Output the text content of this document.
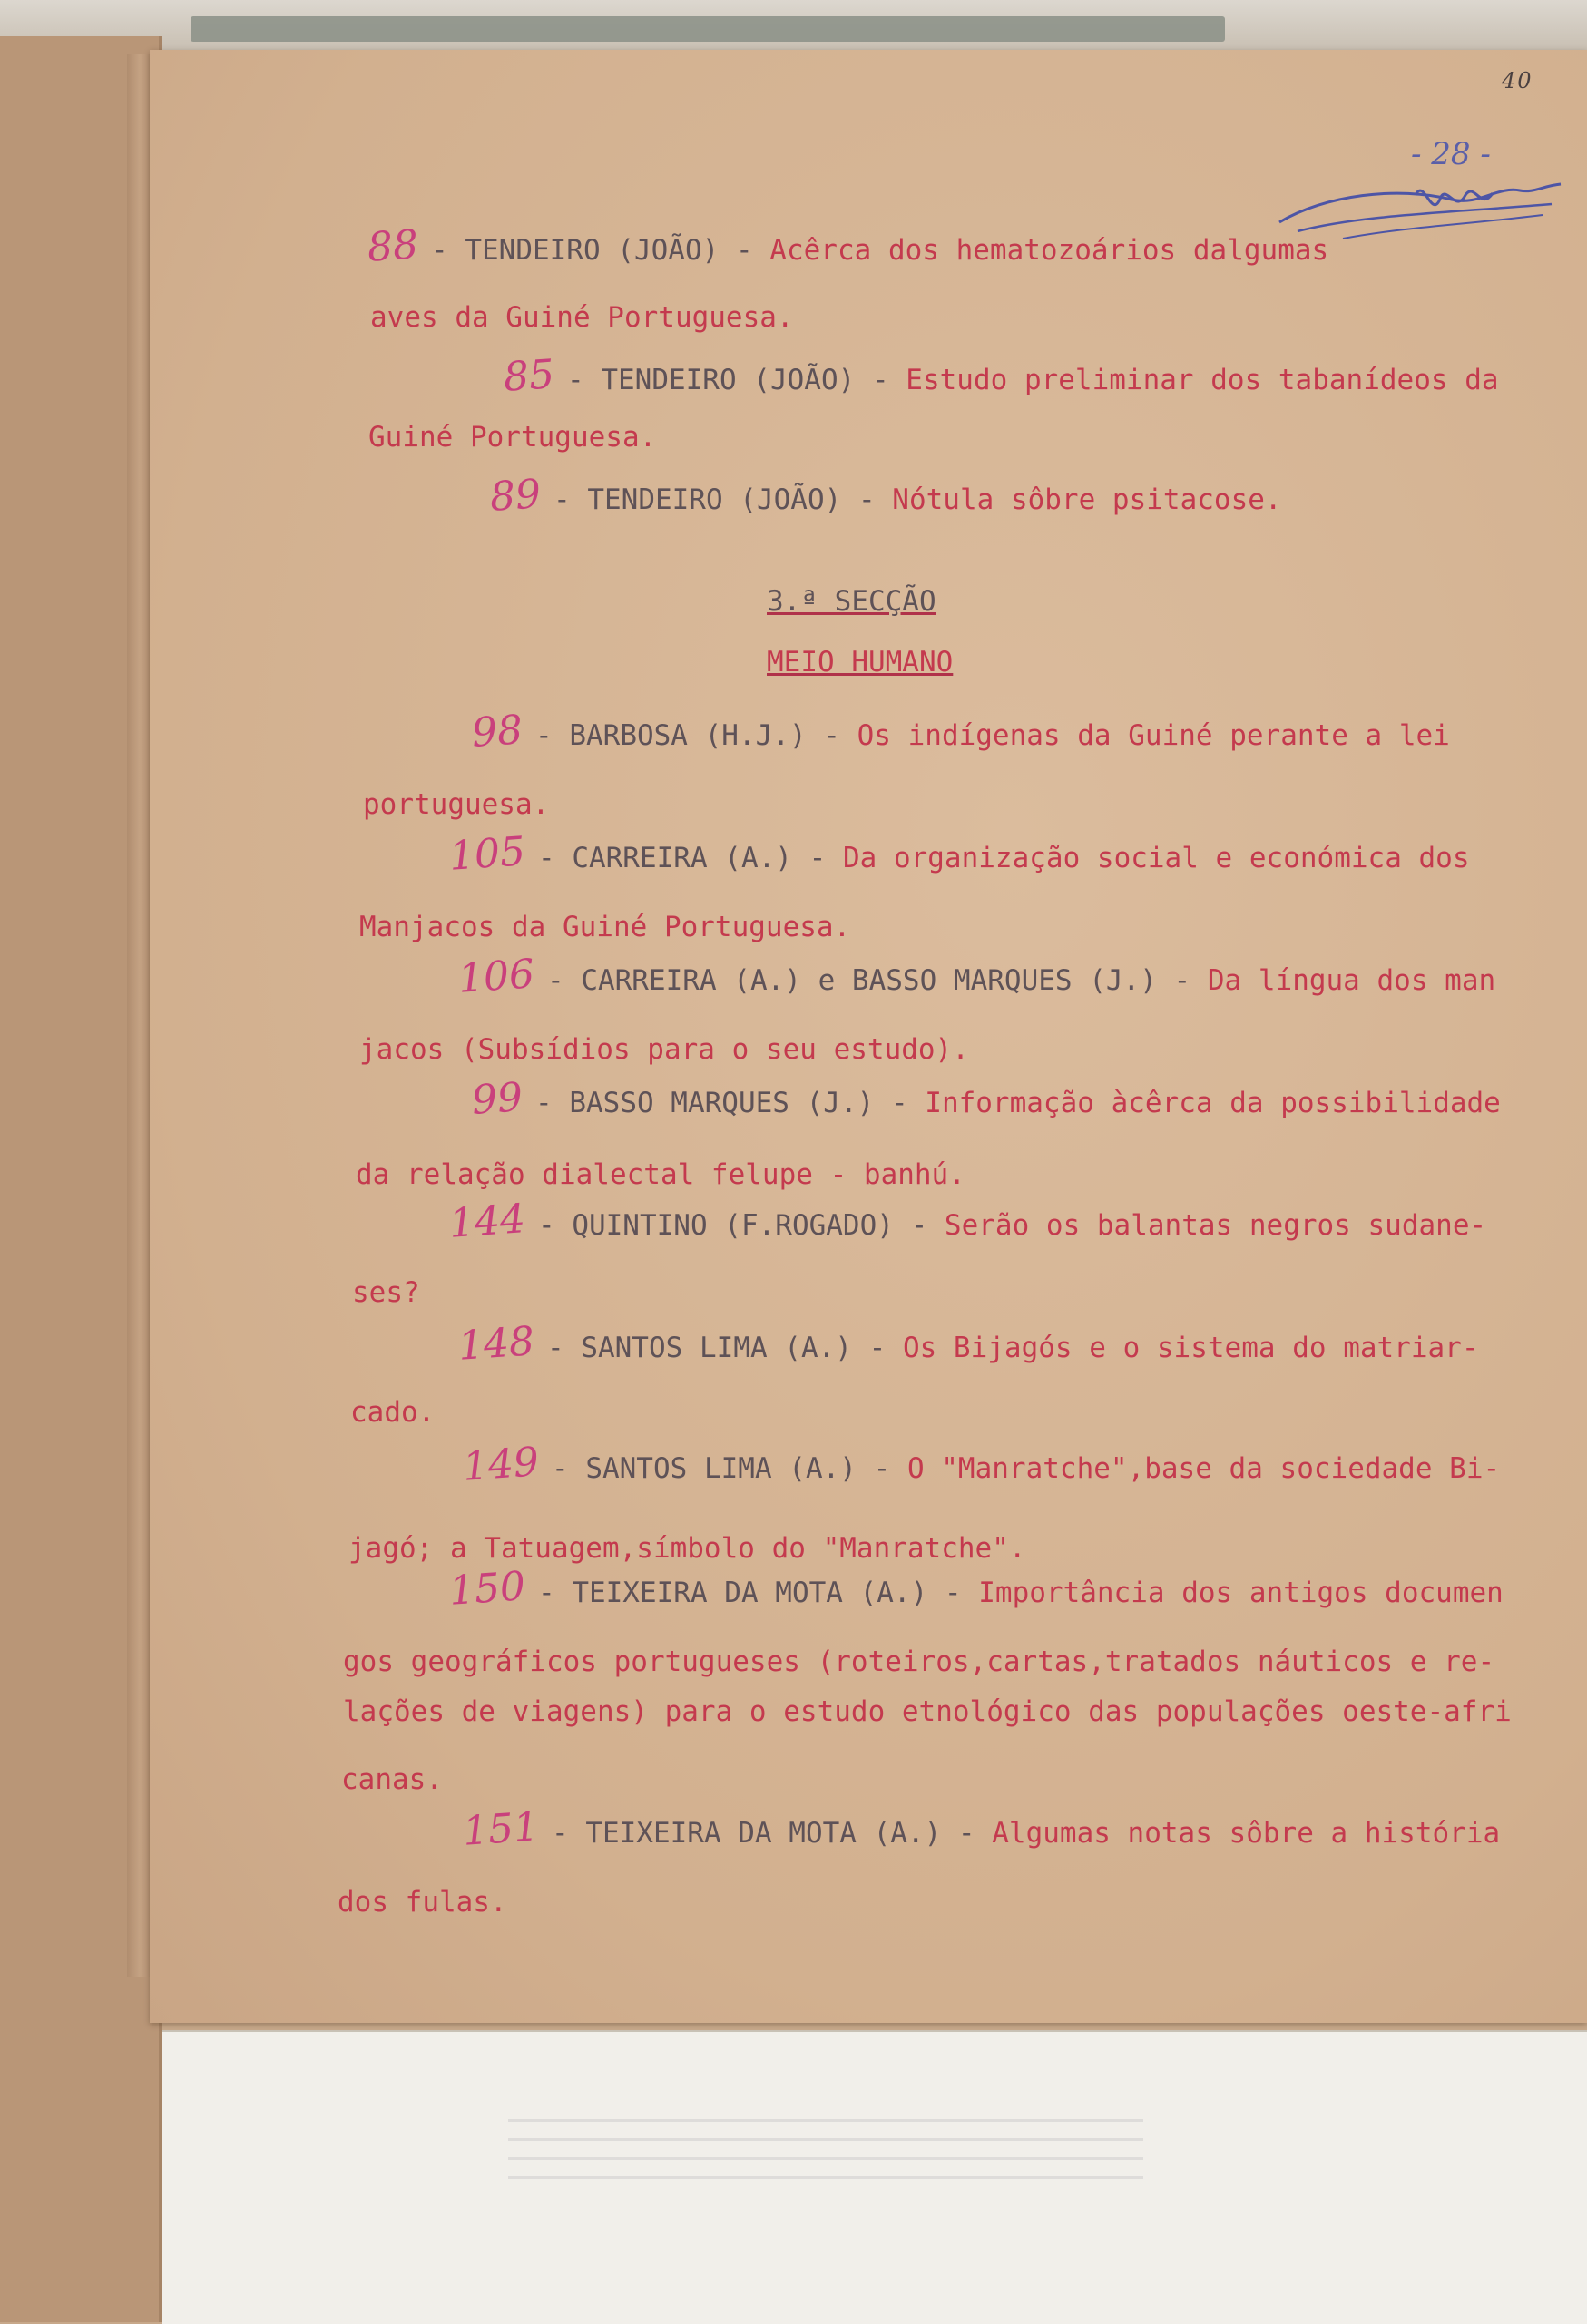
40
- 28 -
88 - TENDEIRO (JOÃO) - Acêrca dos hematozoários dalgumas
aves da Guiné Portuguesa.
85 - TENDEIRO (JOÃO) - Estudo preliminar dos tabanídeos da
Guiné Portuguesa.
89 - TENDEIRO (JOÃO) - Nótula sôbre psitacose.
3.ª SECÇÃO
MEIO HUMANO
98 - BARBOSA (H.J.) - Os indígenas da Guiné perante a lei
portuguesa.
105 - CARREIRA (A.) - Da organização social e económica dos
Manjacos da Guiné Portuguesa.
106 - CARREIRA (A.) e BASSO MARQUES (J.) - Da língua dos man
jacos (Subsídios para o seu estudo).
99 - BASSO MARQUES (J.) - Informação àcêrca da possibilidade
da relação dialectal felupe - banhú.
144 - QUINTINO (F.ROGADO) - Serão os balantas negros sudane-
ses?
148 - SANTOS LIMA (A.) - Os Bijagós e o sistema do matriar-
cado.
149 - SANTOS LIMA (A.) - O "Manratche",base da sociedade Bi-
jagó; a Tatuagem,símbolo do "Manratche".
150 - TEIXEIRA DA MOTA (A.) - Importância dos antigos documen
gos geográficos portugueses (roteiros,cartas,tratados náuticos e re-
lações de viagens) para o estudo etnológico das populações oeste-afri
canas.
151 - TEIXEIRA DA MOTA (A.) - Algumas notas sôbre a história
dos fulas.
